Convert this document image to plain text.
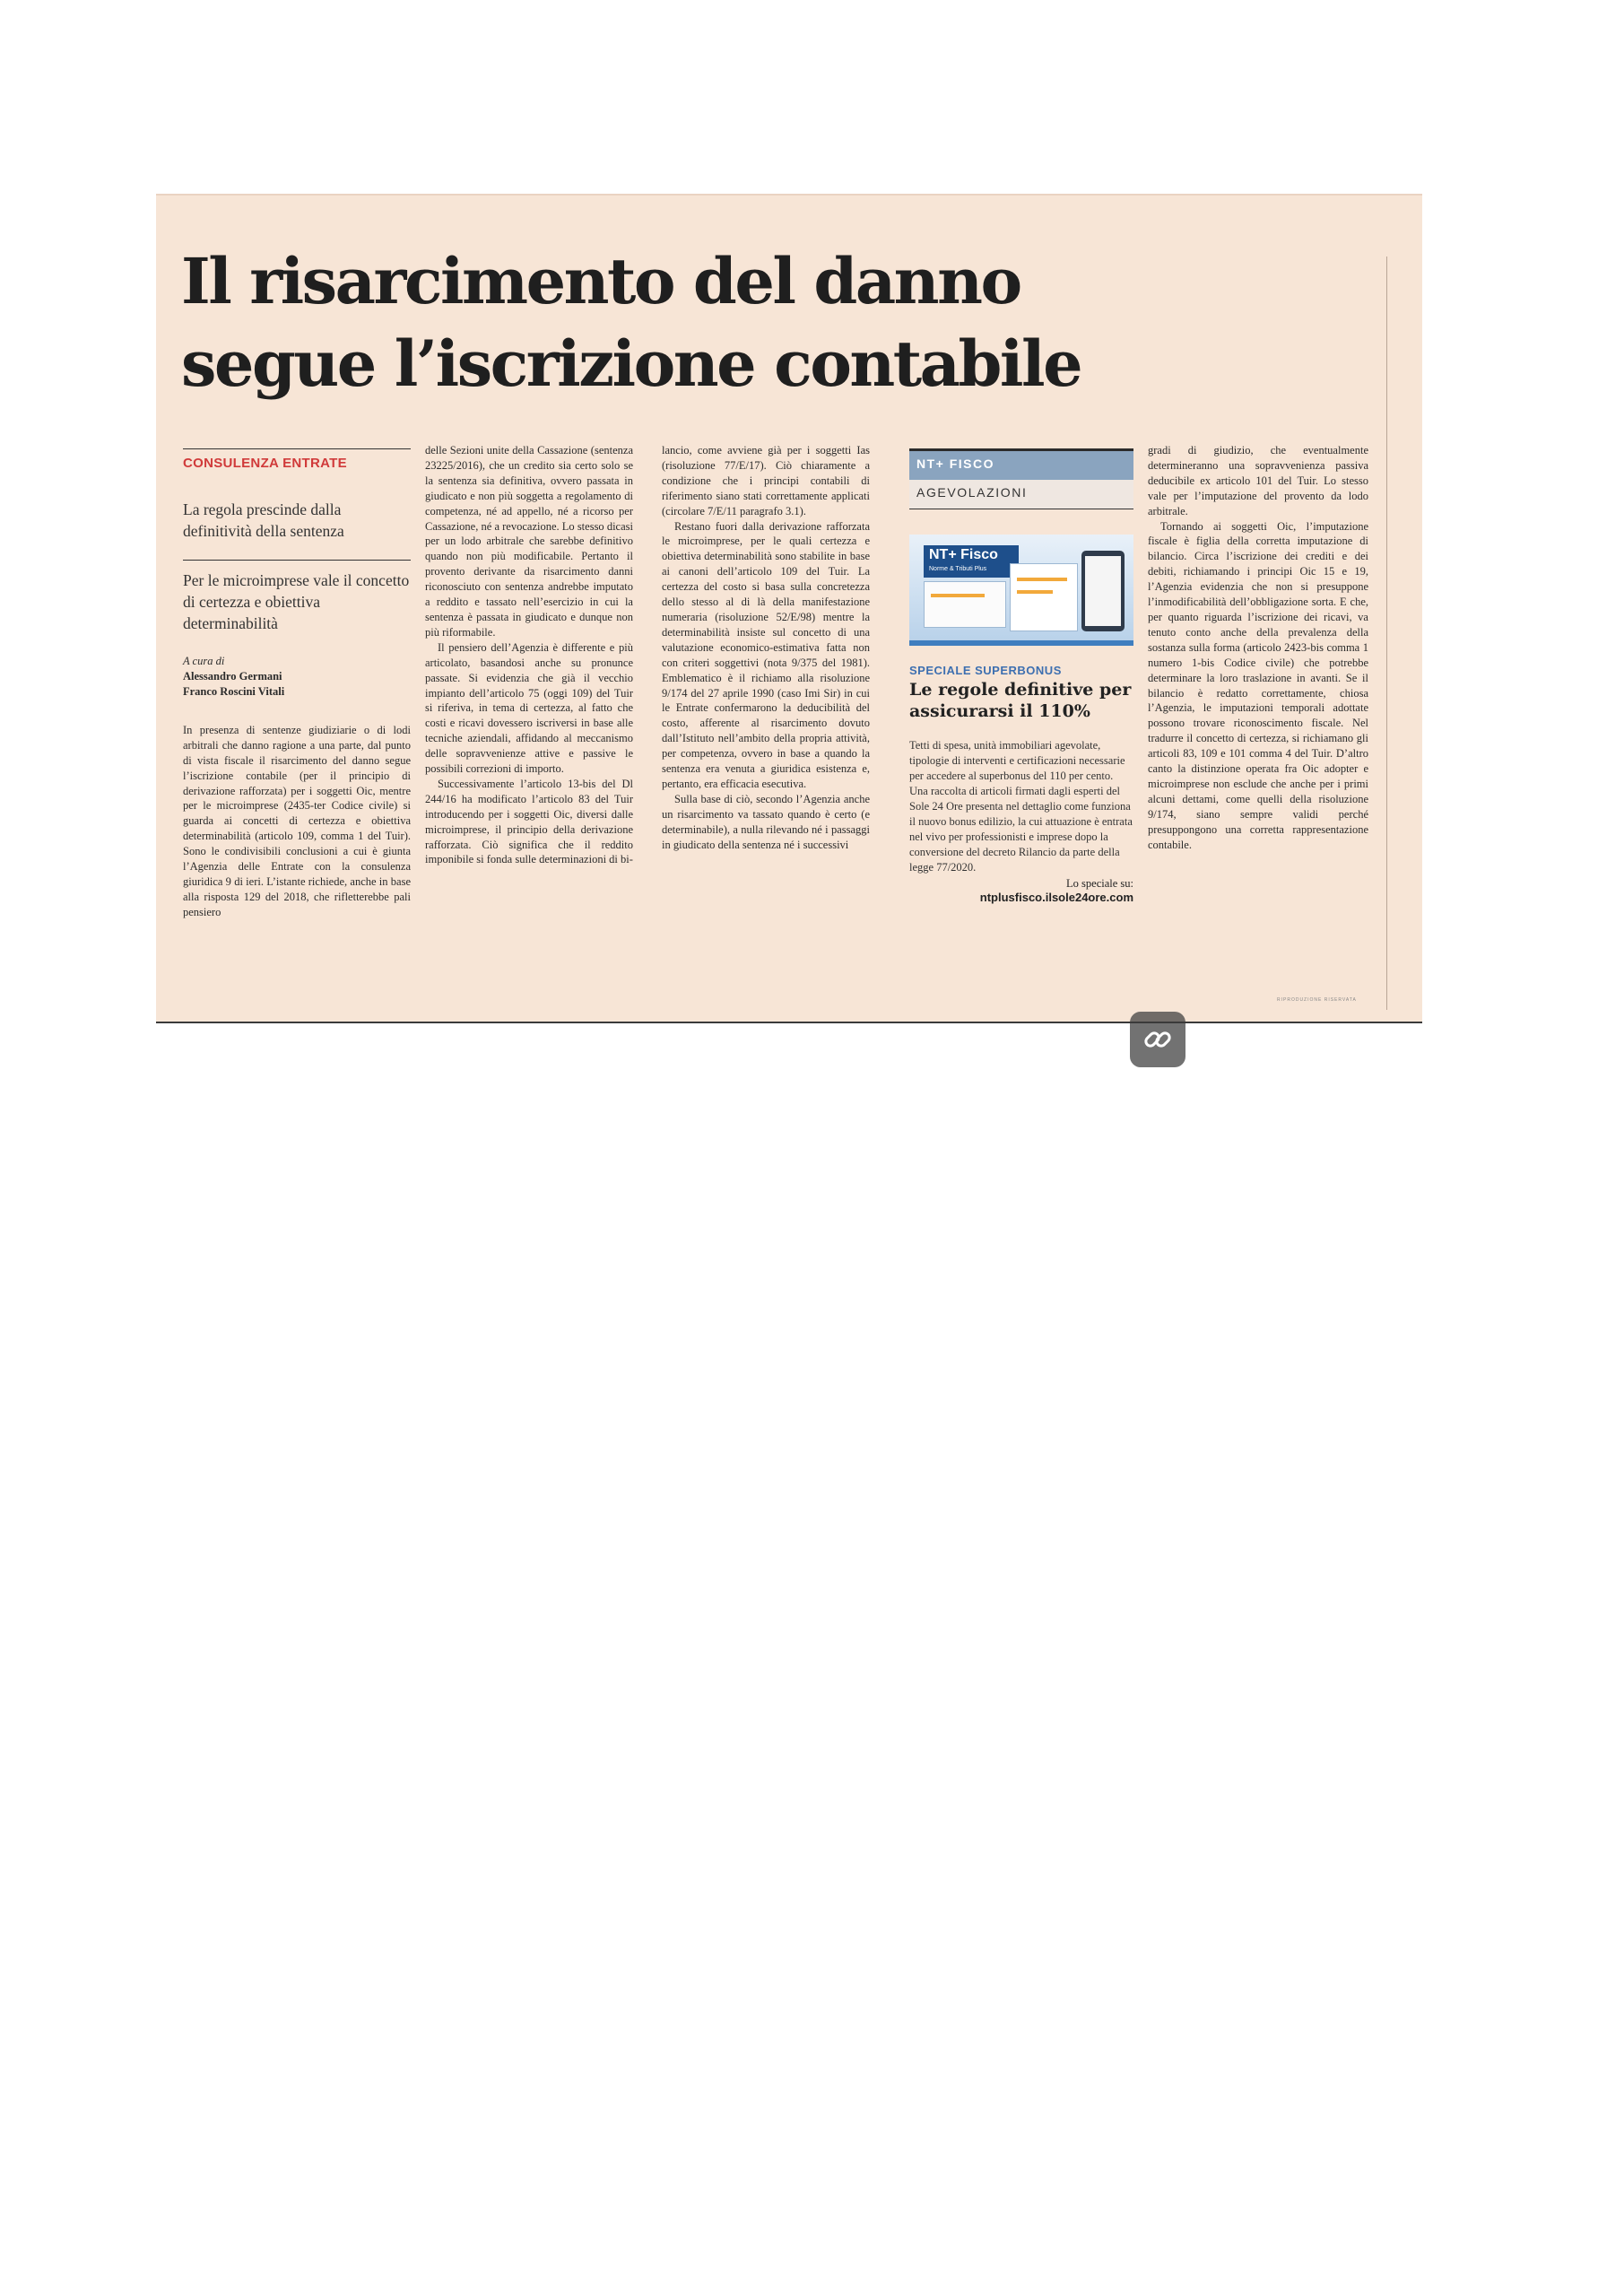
Il risarcimento del danno segue l’iscrizione contabile
CONSULENZA ENTRATE
La regola prescinde dalla definitività della sentenza
Per le microimprese vale il concetto di certezza e obiettiva determinabilità
A cura di
Alessandro Germani
Franco Roscini Vitali

In presenza di sentenze giudiziarie o di lodi arbitrali che danno ragione a una parte, dal punto di vista fiscale il risarcimento del danno segue l’iscrizione contabile (per il principio di derivazione rafforzata) per i soggetti Oic, mentre per le microimprese (2435-ter Codice civile) si guarda ai concetti di certezza e obiettiva determinabilità (articolo 109, comma 1 del Tuir). Sono le condivisibili conclusioni a cui è giunta l’Agenzia delle Entrate con la consulenza giuridica 9 di ieri. L’istante richiede, anche in base alla risposta 129 del 2018, che rifletterebbe pali pensiero

delle Sezioni unite della Cassazione (sentenza 23225/2016), che un credito sia certo solo se la sentenza sia definitiva, ovvero passata in giudicato e non più soggetta a regolamento di competenza, né ad appello, né a ricorso per Cassazione, né a revocazione. Lo stesso dicasi per un lodo arbitrale che sarebbe definitivo quando non più modificabile. Pertanto il provento derivante da risarcimento danni riconosciuto con sentenza andrebbe imputato a reddito e tassato nell’esercizio in cui la sentenza è passata in giudicato e dunque non più riformabile.

Il pensiero dell’Agenzia è differente e più articolato, basandosi anche su pronunce passate. Si evidenzia che già il vecchio impianto dell’articolo 75 (oggi 109) del Tuir si riferiva, in tema di certezza, al fatto che costi e ricavi dovessero iscriversi in base alle tecniche aziendali, affidando al meccanismo delle sopravvenienze attive e passive le possibili correzioni di importo.

Successivamente l’articolo 13-bis del Dl 244/16 ha modificato l’articolo 83 del Tuir introducendo per i soggetti Oic, diversi dalle microimprese, il principio della derivazione rafforzata. Ciò significa che il reddito imponibile si fonda sulle determinazioni di bi-

lancio, come avviene già per i soggetti Ias (risoluzione 77/E/17). Ciò chiaramente a condizione che i principi contabili di riferimento siano stati correttamente applicati (circolare 7/E/11 paragrafo 3.1).

Restano fuori dalla derivazione rafforzata le microimprese, per le quali certezza e obiettiva determinabilità sono stabilite in base ai canoni dell’articolo 109 del Tuir. La certezza del costo si basa sulla concretezza dello stesso al di là della manifestazione numeraria (risoluzione 52/E/98) mentre la determinabilità insiste sul concetto di una valutazione economico-estimativa fatta non con criteri soggettivi (nota 9/375 del 1981). Emblematico è il richiamo alla risoluzione 9/174 del 27 aprile 1990 (caso Imi Sir) in cui le Entrate confermarono la deducibilità del costo, afferente al risarcimento dovuto dall’Istituto nell’ambito della propria attività, per competenza, ovvero in base a quando la sentenza era venuta a giuridica esistenza e, pertanto, era efficacia esecutiva.

Sulla base di ciò, secondo l’Agenzia anche un risarcimento va tassato quando è certo (e determinabile), a nulla rilevando né i passaggi in giudicato della sentenza né i successivi

NT+ FISCO
AGEVOLAZIONI
NT+ Fisco
Norme & Tributi Plus
SPECIALE SUPERBONUS
Le regole definitive per assicurarsi il 110%
Tetti di spesa, unità immobiliari agevolate, tipologie di interventi e certificazioni necessarie per accedere al superbonus del 110 per cento. Una raccolta di articoli firmati dagli esperti del Sole 24 Ore presenta nel dettaglio come funziona il nuovo bonus edilizio, la cui attuazione è entrata nel vivo per professionisti e imprese dopo la conversione del decreto Rilancio da parte della legge 77/2020.
Lo speciale su:
ntplusfisco.ilsole24ore.com

gradi di giudizio, che eventualmente determineranno una sopravvenienza passiva deducibile ex articolo 101 del Tuir. Lo stesso vale per l’imputazione del provento da lodo arbitrale.

Tornando ai soggetti Oic, l’imputazione fiscale è figlia della corretta imputazione di bilancio. Circa l’iscrizione dei crediti e dei debiti, richiamando i principi Oic 15 e 19, l’Agenzia evidenzia che non si presuppone l’inmodificabilità dell’obbligazione sorta. E che, per quanto riguarda l’iscrizione dei ricavi, va tenuto conto anche della prevalenza della sostanza sulla forma (articolo 2423-bis comma 1 numero 1-bis Codice civile) che potrebbe determinare la loro traslazione in avanti. Se il bilancio è redatto correttamente, chiosa l’Agenzia, le imputazioni temporali adottate possono trovare riconoscimento fiscale. Nel tradurre il concetto di certezza, si richiamano gli articoli 83, 109 e 101 comma 4 del Tuir. D’altro canto la distinzione operata fra Oic adopter e microimprese non esclude che anche per i primi alcuni dettami, come quelli della risoluzione 9/174, siano sempre validi perché presuppongono una corretta rappresentazione contabile.

RIPRODUZIONE RISERVATA
